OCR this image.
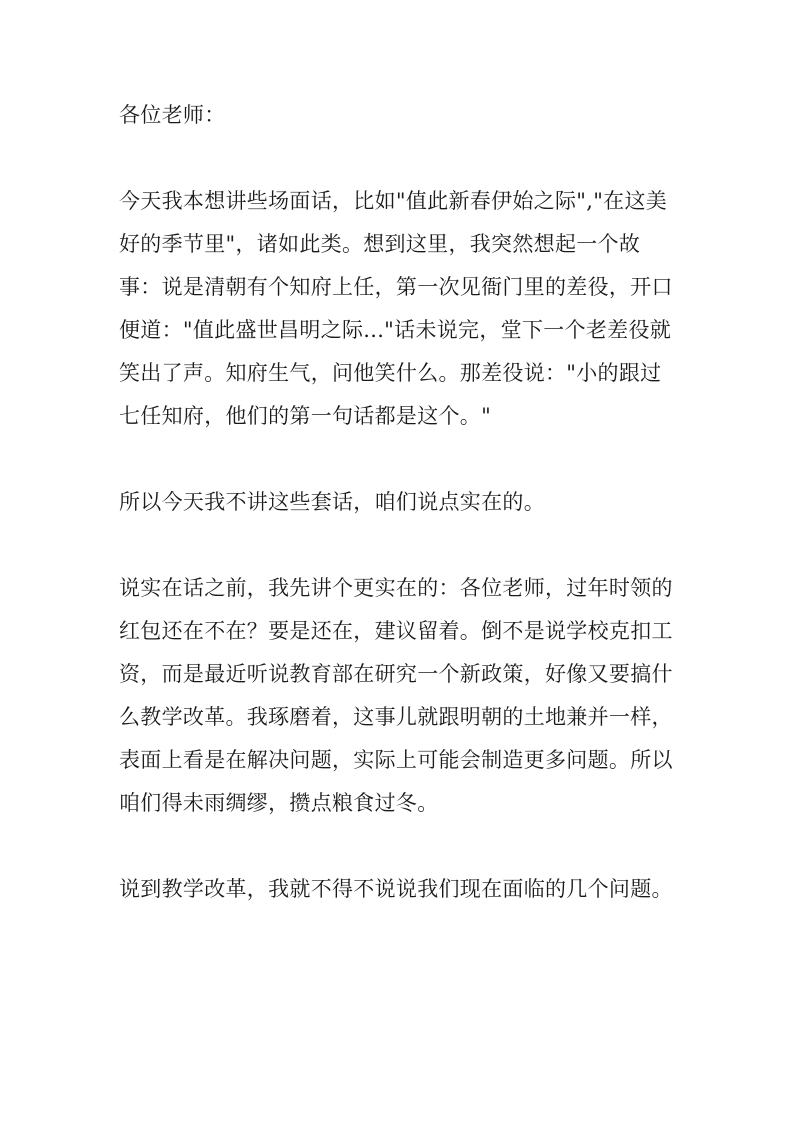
各位老师：

今天我本想讲些场面话，比如"值此新春伊始之际","在这美好的季节里"，诸如此类。想到这里，我突然想起一个故事：说是清朝有个知府上任，第一次见衙门里的差役，开口便道："值此盛世昌明之际..."话未说完，堂下一个老差役就笑出了声。知府生气，问他笑什么。那差役说："小的跟过七任知府，他们的第一句话都是这个。"

所以今天我不讲这些套话，咱们说点实在的。

说实在话之前，我先讲个更实在的：各位老师，过年时领的红包还在不在？要是还在，建议留着。倒不是说学校克扣工资，而是最近听说教育部在研究一个新政策，好像又要搞什么教学改革。我琢磨着，这事儿就跟明朝的土地兼并一样，表面上看是在解决问题，实际上可能会制造更多问题。所以咱们得未雨绸缪，攒点粮食过冬。

说到教学改革，我就不得不说说我们现在面临的几个问题。
